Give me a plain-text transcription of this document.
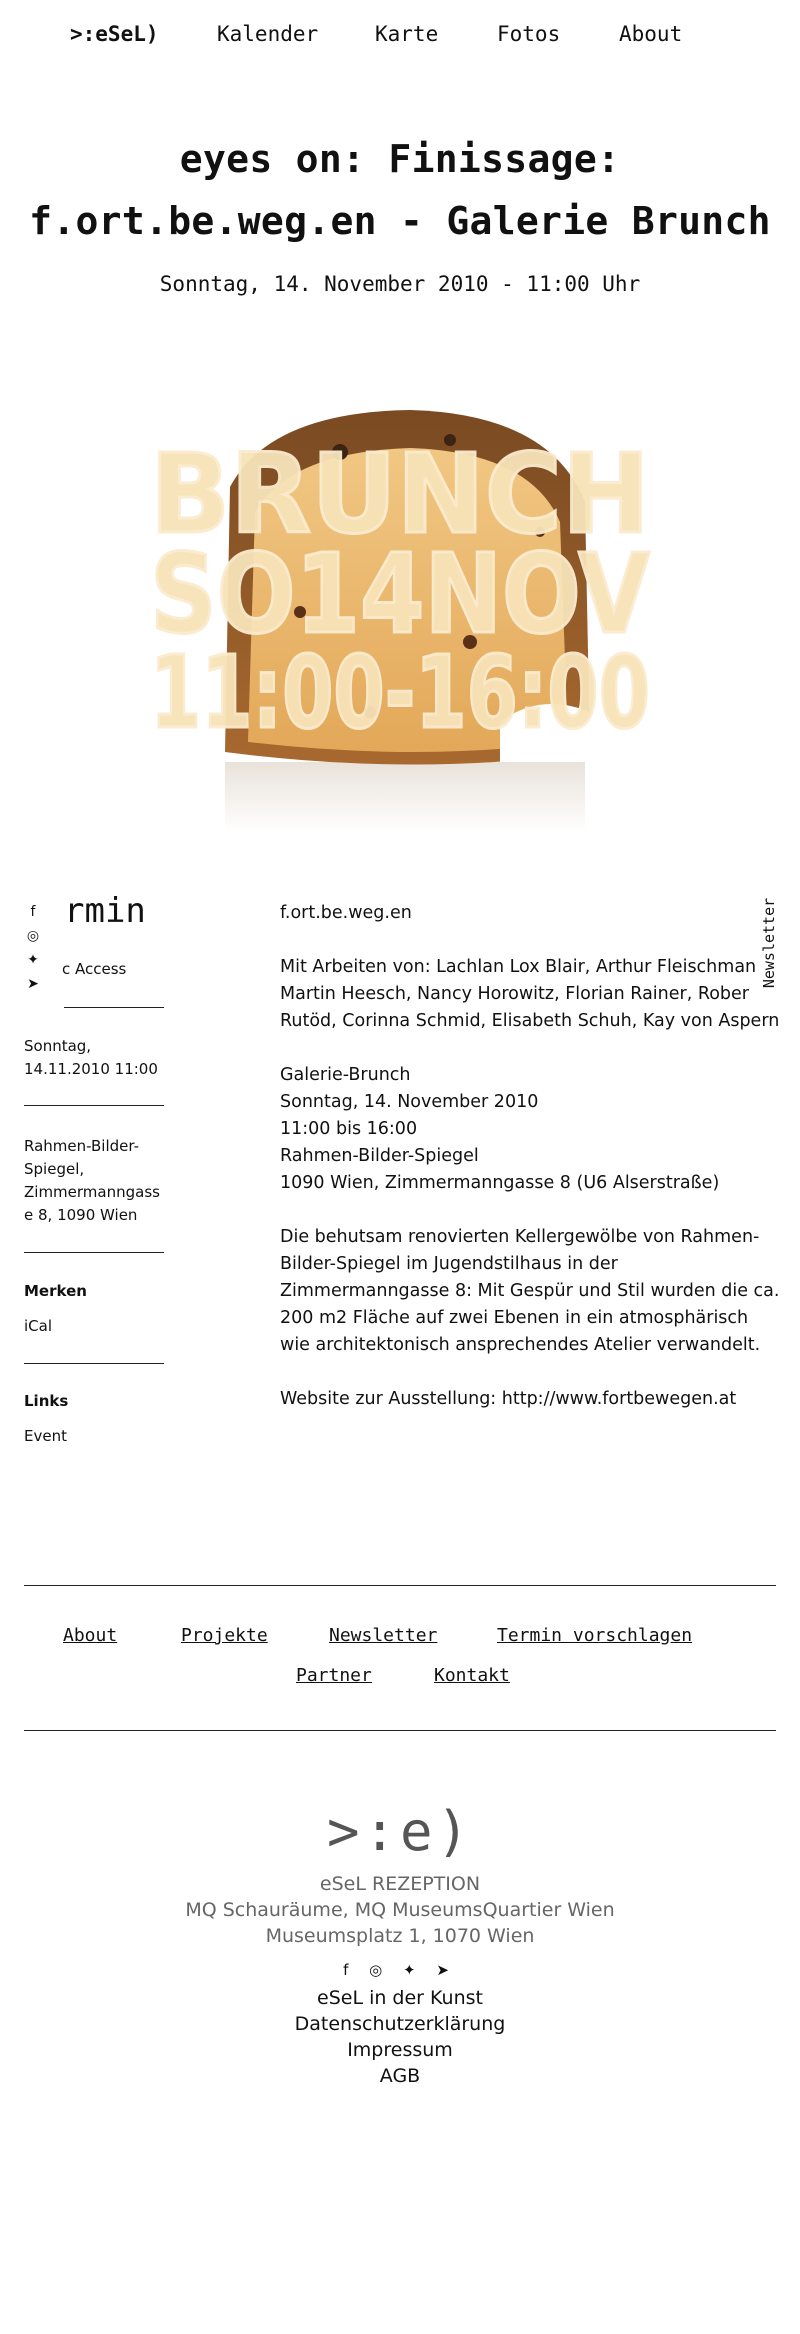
>:eSeL)	Kalender	Karte	Fotos	About
eyes on: Finissage: f.ort.be.weg.en - Galerie Brunch
Sonntag, 14. November 2010 - 11:00 Uhr
BRUNCH
SO14NOV
11:00-16:00
f
◎
✦
➤
rmin
c Access
Sonntag,
14.11.2010 11:00
Rahmen-Bilder-
Spiegel,
Zimmermanngass
e 8, 1090 Wien
Merken
iCal
Links
Event
Newsletter

f.ort.be.weg.en

Mit Arbeiten von: Lachlan Lox Blair, Arthur Fleischman Martin Heesch, Nancy Horowitz, Florian Rainer, Rober Rutöd, Corinna Schmid, Elisabeth Schuh, Kay von Aspern

Galerie-Brunch
Sonntag, 14. November 2010
11:00 bis 16:00
Rahmen-Bilder-Spiegel
1090 Wien, Zimmermanngasse 8 (U6 Alserstraße)

Die behutsam renovierten Kellergewölbe von Rahmen-Bilder-Spiegel im Jugendstilhaus in der Zimmermanngasse 8: Mit Gespür und Stil wurden die ca. 200 m2 Fläche auf zwei Ebenen in ein atmosphärisch wie architektonisch ansprechendes Atelier verwandelt.

Website zur Ausstellung: http://www.fortbewegen.at

About	Projekte	Newsletter	Termin vorschlagen
Partner	Kontakt
>:e)
eSeL REZEPTION
MQ Schauräume, MQ MuseumsQuartier Wien
Museumsplatz 1, 1070 Wien
f ◎ ✦ ➤
eSeL in der Kunst
Datenschutzerklärung
Impressum
AGB
